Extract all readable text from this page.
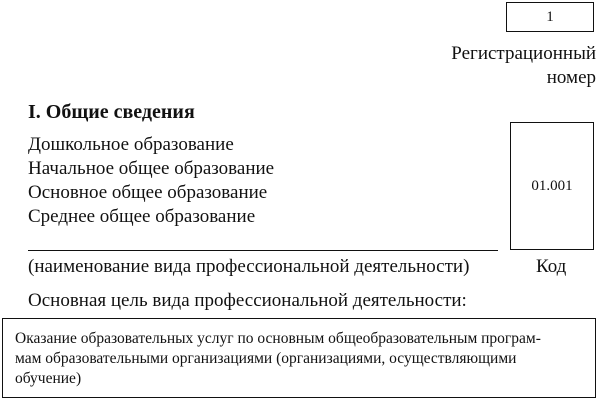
1
Регистрационный
номер
I. Общие сведения
Дошкольное образование
Начальное общее образование
Основное общее образование
Среднее общее образование
01.001
(наименование вида профессиональной деятельности)	Код
Основная цель вида профессиональной деятельности:
Оказание образовательных услуг по основным общеобразовательным програм-
мам образовательными организациями (организациями, осуществляющими
обучение)
